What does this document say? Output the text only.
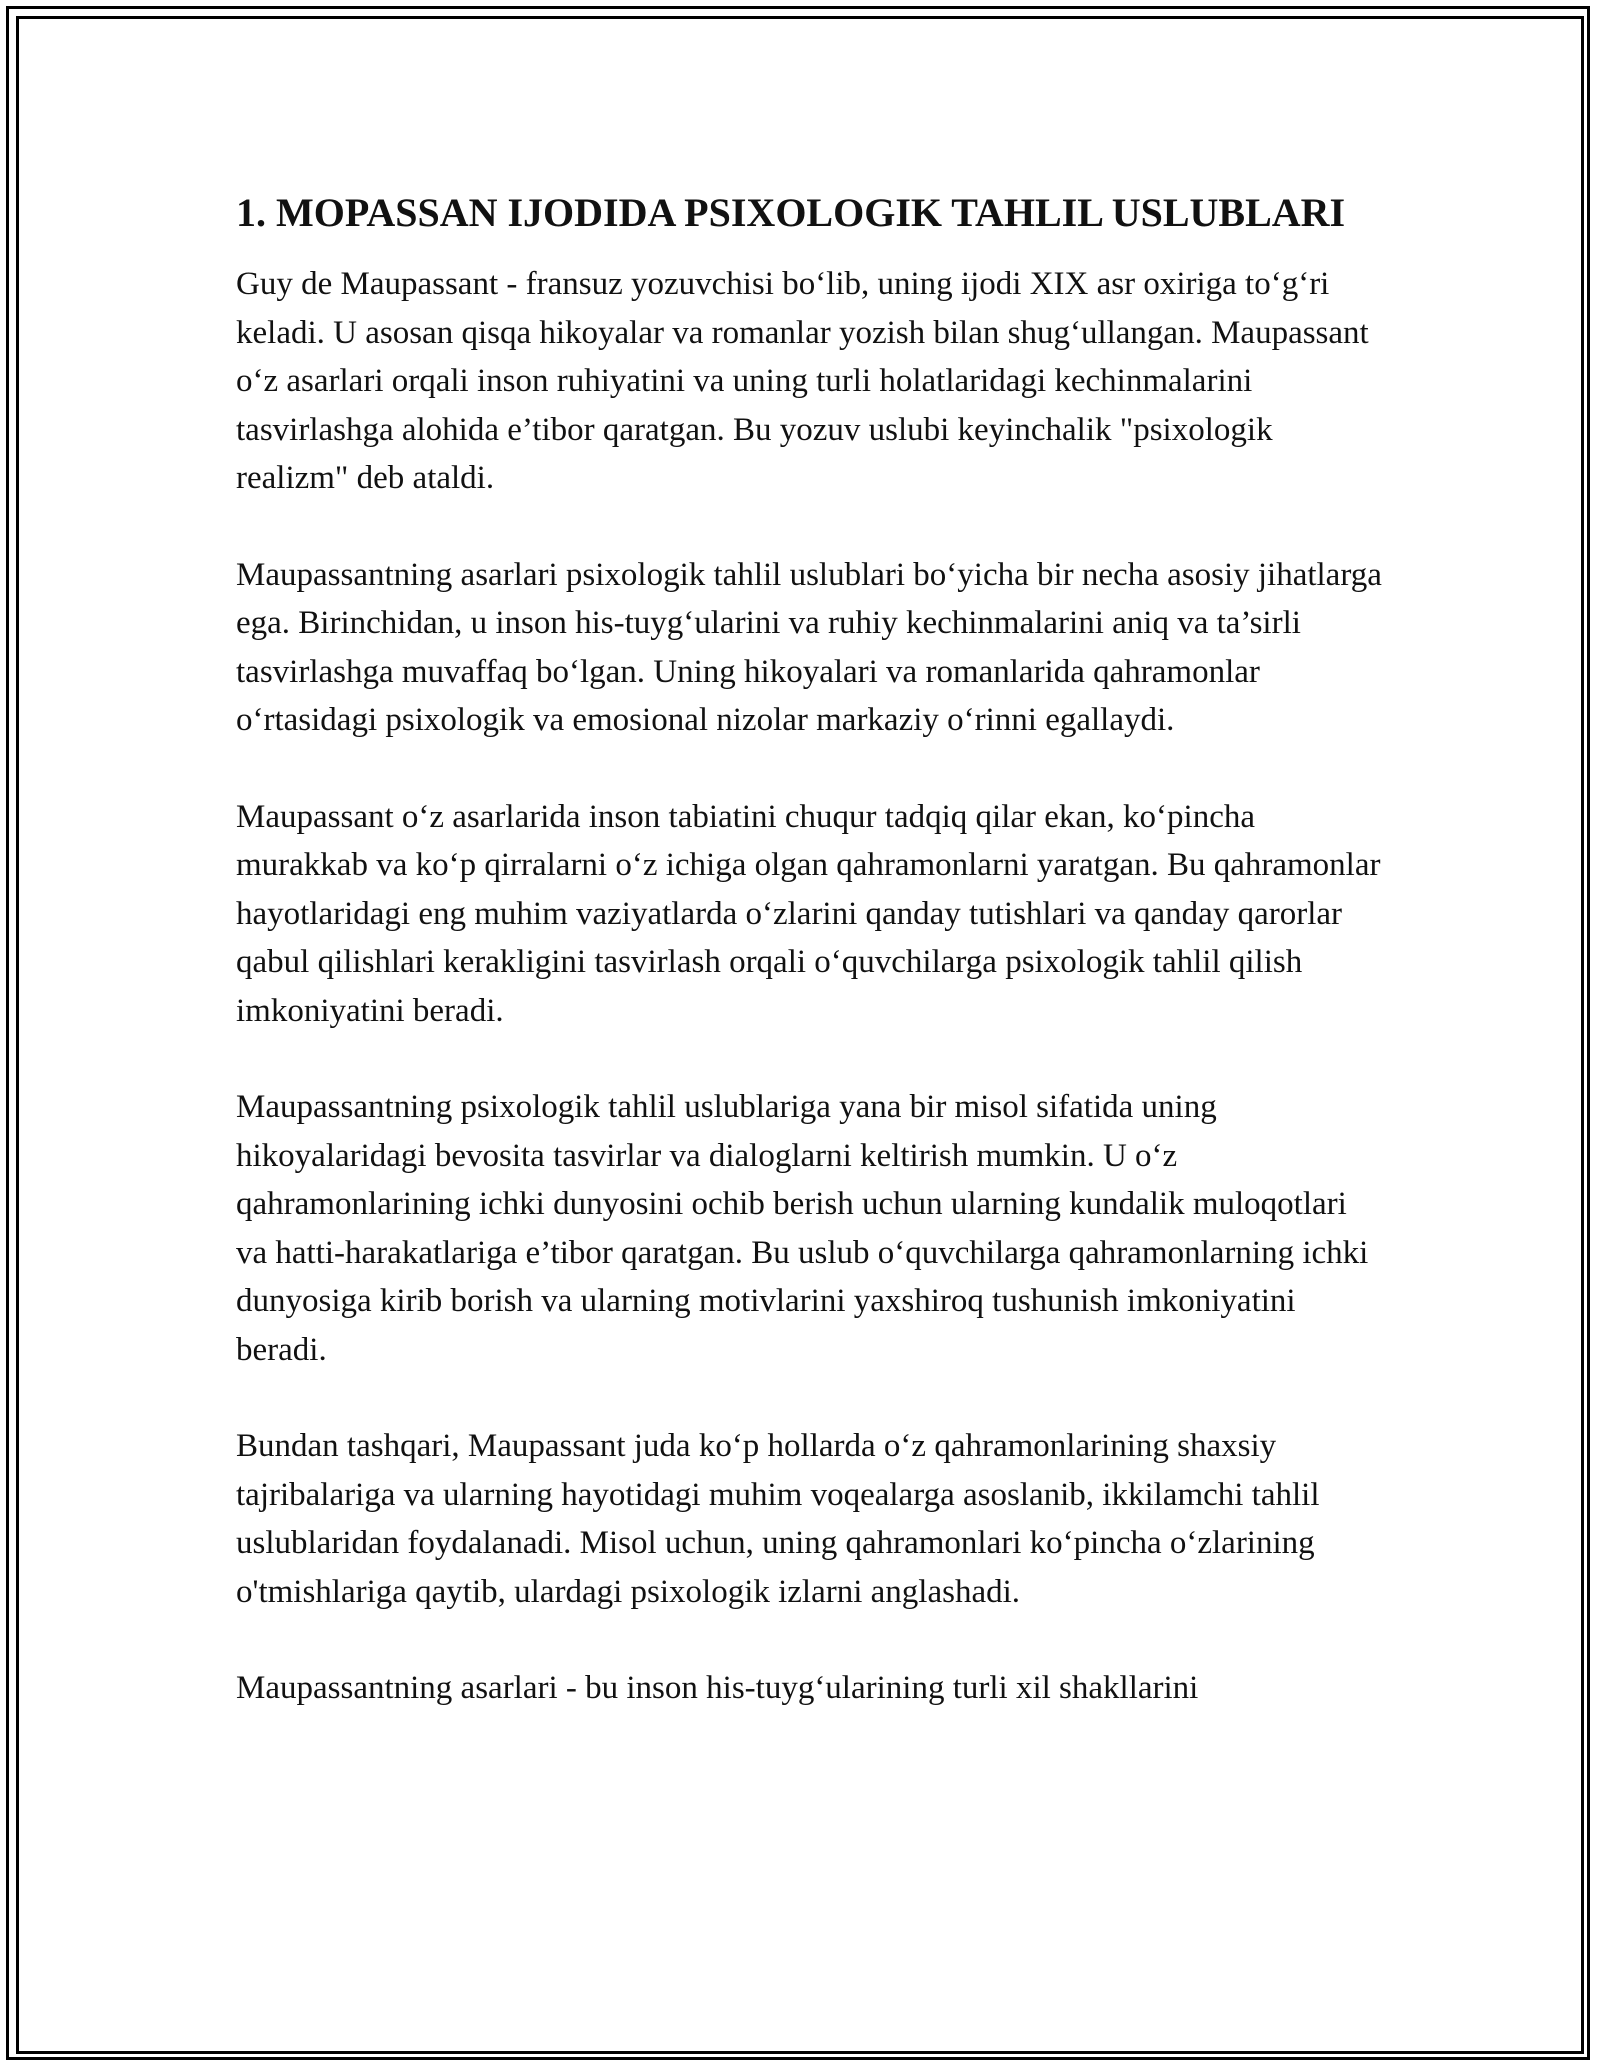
1. MOPASSAN IJODIDA PSIXOLOGIK TAHLIL USLUBLARI

Guy de Maupassant - fransuz yozuvchisi bo‘lib, uning ijodi XIX asr oxiriga to‘g‘ri keladi. U asosan qisqa hikoyalar va romanlar yozish bilan shug‘ullangan. Maupassant o‘z asarlari orqali inson ruhiyatini va uning turli holatlaridagi kechinmalarini tasvirlashga alohida e’tibor qaratgan. Bu yozuv uslubi keyinchalik "psixologik realizm" deb ataldi.

Maupassantning asarlari psixologik tahlil uslublari bo‘yicha bir necha asosiy jihatlarga ega. Birinchidan, u inson his-tuyg‘ularini va ruhiy kechinmalarini aniq va ta’sirli tasvirlashga muvaffaq bo‘lgan. Uning hikoyalari va romanlarida qahramonlar o‘rtasidagi psixologik va emosional nizolar markaziy o‘rinni egallaydi.

Maupassant o‘z asarlarida inson tabiatini chuqur tadqiq qilar ekan, ko‘pincha murakkab va ko‘p qirralarni o‘z ichiga olgan qahramonlarni yaratgan. Bu qahramonlar hayotlaridagi eng muhim vaziyatlarda o‘zlarini qanday tutishlari va qanday qarorlar qabul qilishlari kerakligini tasvirlash orqali o‘quvchilarga psixologik tahlil qilish imkoniyatini beradi.

Maupassantning psixologik tahlil uslublariga yana bir misol sifatida uning hikoyalaridagi bevosita tasvirlar va dialoglarni keltirish mumkin. U o‘z qahramonlarining ichki dunyosini ochib berish uchun ularning kundalik muloqotlari va hatti-harakatlariga e’tibor qaratgan. Bu uslub o‘quvchilarga qahramonlarning ichki dunyosiga kirib borish va ularning motivlarini yaxshiroq tushunish imkoniyatini beradi.

Bundan tashqari, Maupassant juda ko‘p hollarda o‘z qahramonlarining shaxsiy tajribalariga va ularning hayotidagi muhim voqealarga asoslanib, ikkilamchi tahlil uslublaridan foydalanadi. Misol uchun, uning qahramonlari ko‘pincha o‘zlarining o'tmishlariga qaytib, ulardagi psixologik izlarni anglashadi.

Maupassantning asarlari - bu inson his-tuyg‘ularining turli xil shakllarini
